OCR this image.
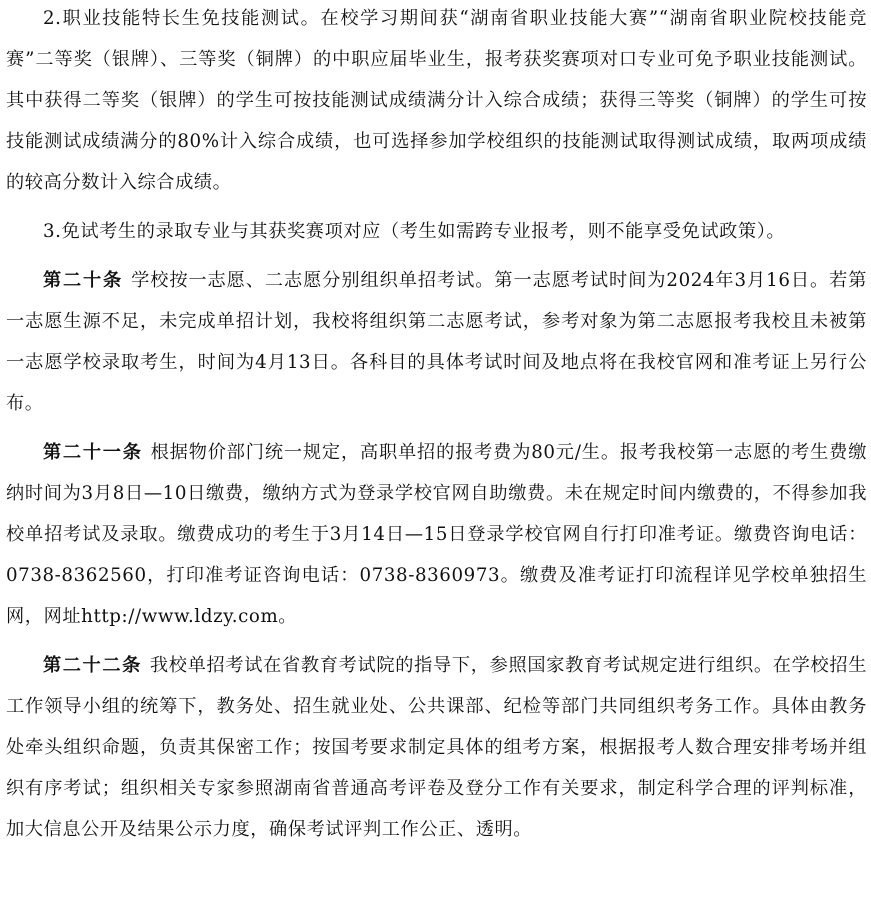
2.职业技能特长生免技能测试。在校学习期间获“湖南省职业技能大赛”“湖南省职业院校技能竞赛”二等奖（银牌）、三等奖（铜牌）的中职应届毕业生，报考获奖赛项对口专业可免予职业技能测试。其中获得二等奖（银牌）的学生可按技能测试成绩满分计入综合成绩；获得三等奖（铜牌）的学生可按技能测试成绩满分的80%计入综合成绩，也可选择参加学校组织的技能测试取得测试成绩，取两项成绩的较高分数计入综合成绩。

3.免试考生的录取专业与其获奖赛项对应（考生如需跨专业报考，则不能享受免试政策）。

第二十条 学校按一志愿、二志愿分别组织单招考试。第一志愿考试时间为2024年3月16日。若第一志愿生源不足，未完成单招计划，我校将组织第二志愿考试，参考对象为第二志愿报考我校且未被第一志愿学校录取考生，时间为4月13日。各科目的具体考试时间及地点将在我校官网和准考证上另行公布。

第二十一条 根据物价部门统一规定，高职单招的报考费为80元/生。报考我校第一志愿的考生费缴纳时间为3月8日—10日缴费，缴纳方式为登录学校官网自助缴费。未在规定时间内缴费的，不得参加我校单招考试及录取。缴费成功的考生于3月14日—15日登录学校官网自行打印准考证。缴费咨询电话：0738-8362560，打印准考证咨询电话：0738-8360973。缴费及准考证打印流程详见学校单独招生网，网址http://www.ldzy.com。

第二十二条 我校单招考试在省教育考试院的指导下，参照国家教育考试规定进行组织。在学校招生工作领导小组的统筹下，教务处、招生就业处、公共课部、纪检等部门共同组织考务工作。具体由教务处牵头组织命题，负责其保密工作；按国考要求制定具体的组考方案，根据报考人数合理安排考场并组织有序考试；组织相关专家参照湖南省普通高考评卷及登分工作有关要求，制定科学合理的评判标准，加大信息公开及结果公示力度，确保考试评判工作公正、透明。
